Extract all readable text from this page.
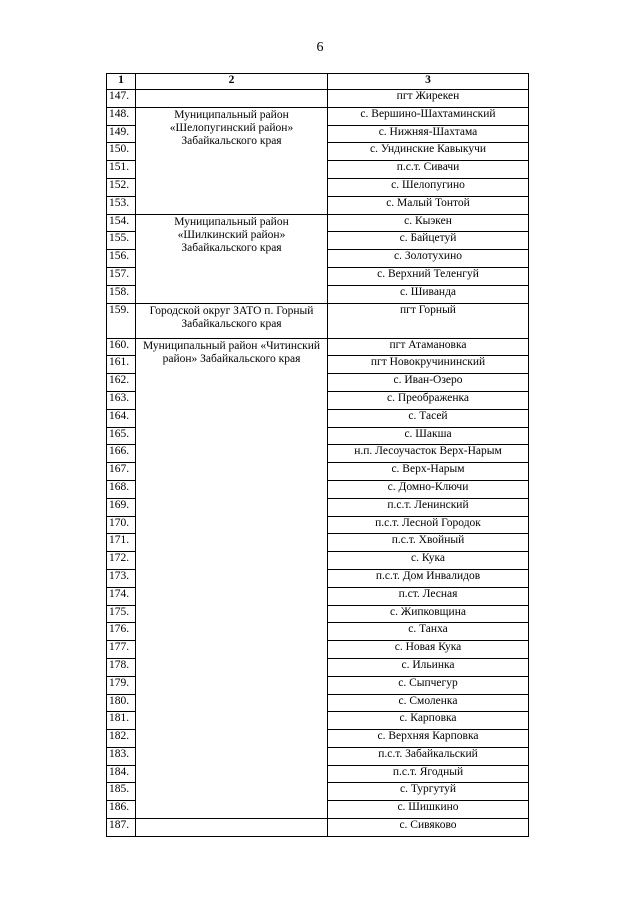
6
1	2	3
147.		пгт Жирекен
148.	Муниципальный район «Шелопугинский район» Забайкальского края	с. Вершино-Шахтаминский
149.		с. Нижняя-Шахтама
150.		с. Ундинские Кавыкучи
151.		п.с.т. Сивачи
152.		с. Шелопугино
153.		с. Малый Тонтой
154.	Муниципальный район «Шилкинский район» Забайкальского края	с. Кыэкен
155.		с. Байцетуй
156.		с. Золотухино
157.		с. Верхний Теленгуй
158.		с. Шиванда
159.	Городской округ ЗАТО п. Горный Забайкальского края	пгт Горный
160.	Муниципальный район «Читинский район» Забайкальского края	пгт Атамановка
161.		пгт Новокручининский
162.		с. Иван-Озеро
163.		с. Преображенка
164.		с. Тасей
165.		с. Шакша
166.		н.п. Лесоучасток Верх-Нарым
167.		с. Верх-Нарым
168.		с. Домно-Ключи
169.		п.с.т. Ленинский
170.		п.с.т. Лесной Городок
171.		п.с.т. Хвойный
172.		с. Кука
173.		п.с.т. Дом Инвалидов
174.		п.ст. Лесная
175.		с. Жипковщина
176.		с. Танха
177.		с. Новая Кука
178.		с. Ильинка
179.		с. Сыпчегур
180.		с. Смоленка
181.		с. Карповка
182.		с. Верхняя Карповка
183.		п.с.т. Забайкальский
184.		п.с.т. Ягодный
185.		с. Тургутуй
186.		с. Шишкино
187.		с. Сивяково
